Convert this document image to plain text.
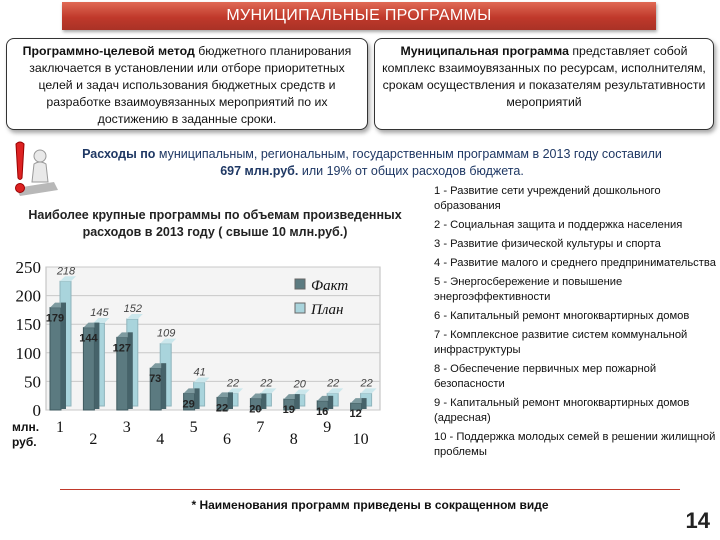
МУНИЦИПАЛЬНЫЕ ПРОГРАММЫ
Программно-целевой метод бюджетного планирования заключается в установлении или отборе приоритетных целей и задач использования бюджетных средств и разработке взаимоувязанных мероприятий по их достижению в заданные сроки.
Муниципальная программа представляет собой комплекс взаимоувязанных по ресурсам, исполнителям, срокам осуществления и показателям результативности мероприятий
Расходы по муниципальным, региональным, государственным программам в 2013 году составили 697 млн.руб. или 19% от общих расходов бюджета.
Наиболее крупные программы по объемам произведенных расходов в 2013 году ( свыше 10 млн.руб.)
1 - Развитие сети учреждений дошкольного образования
2 - Социальная защита и поддержка населения
3 - Развитие физической культуры и спорта
4 - Развитие малого и среднего предпринимательства
5 - Энергосбережение и повышение энергоэффективности
6 - Капитальный ремонт многоквартирных домов
7 - Комплексное развитие систем коммунальной инфраструктуры
8 - Обеспечение первичных мер пожарной безопасности
9 - Капитальный ремонт многоквартирных домов (адресная)
10 - Поддержка молодых семей в решении жилищной проблемы
0
50
100
150
200
250 218
179
1
145
144
2
152
127
3
109
73
4
41
29
5
22
22
6
22
20
7
20
19
8
22
16
9
22
12
10
Факт
План
млн. руб.
* Наименования программ приведены в сокращенном виде
14
